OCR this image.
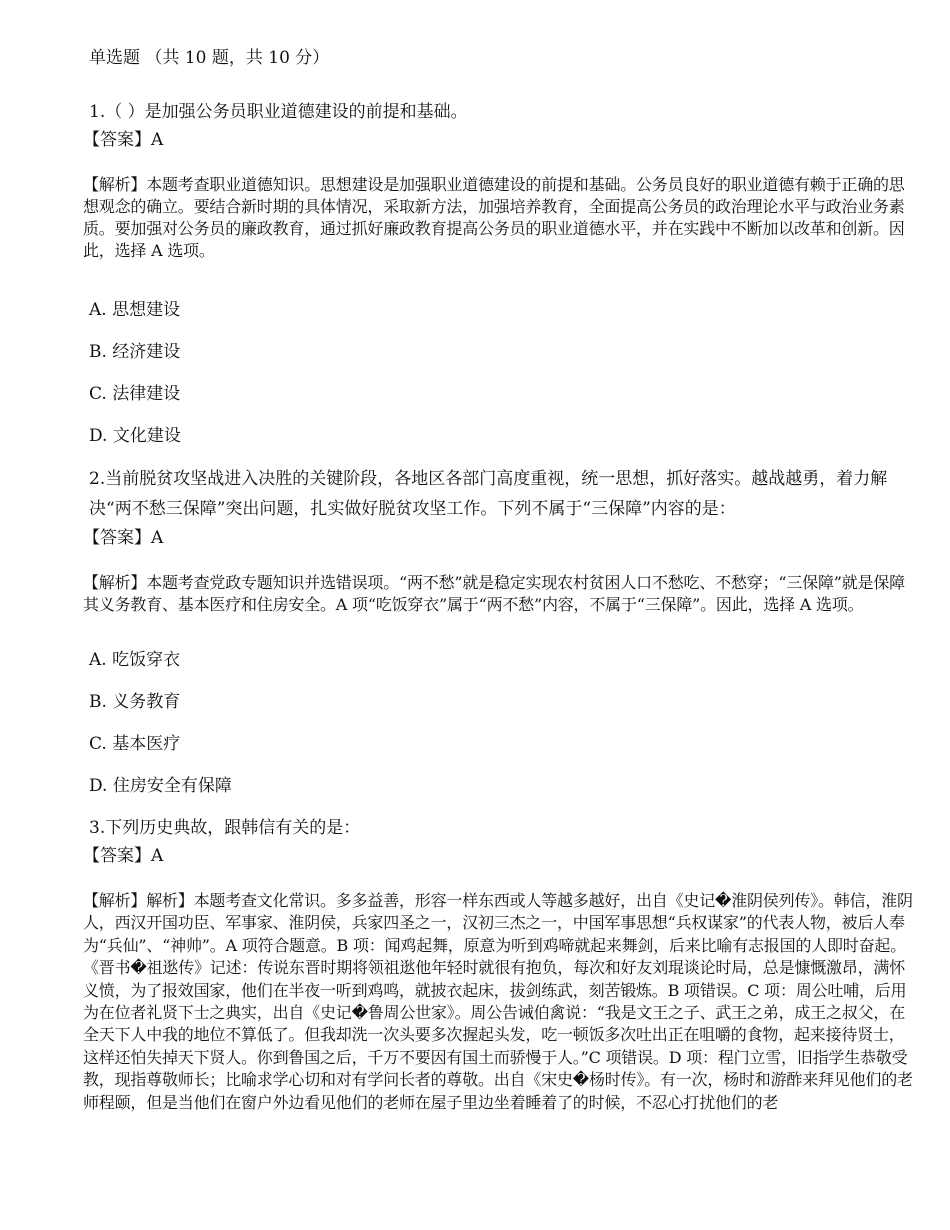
单选题 （共 10 题，共 10 分）

1.（ ）是加强公务员职业道德建设的前提和基础。

【答案】A

【解析】本题考查职业道德知识。思想建设是加强职业道德建设的前提和基础。公务员良好的职业道德有赖于正确的思想观念的确立。要结合新时期的具体情况，采取新方法，加强培养教育，全面提高公务员的政治理论水平与政治业务素质。要加强对公务员的廉政教育，通过抓好廉政教育提高公务员的职业道德水平，并在实践中不断加以改革和创新。因此，选择 A 选项。

A. 思想建设

B. 经济建设

C. 法律建设

D. 文化建设

2.当前脱贫攻坚战进入决胜的关键阶段，各地区各部门高度重视，统一思想，抓好落实。越战越勇，着力解决“两不愁三保障”突出问题，扎实做好脱贫攻坚工作。下列不属于“三保障”内容的是：

【答案】A

【解析】本题考查党政专题知识并选错误项。“两不愁”就是稳定实现农村贫困人口不愁吃、不愁穿；“三保障”就是保障其义务教育、基本医疗和住房安全。A 项“吃饭穿衣”属于“两不愁”内容，不属于“三保障”。因此，选择 A 选项。

A. 吃饭穿衣

B. 义务教育

C. 基本医疗

D. 住房安全有保障

3.下列历史典故，跟韩信有关的是：

【答案】A

【解析】解析】本题考查文化常识。多多益善，形容一样东西或人等越多越好，出自《史记�淮阴侯列传》。韩信，淮阴人，西汉开国功臣、军事家、淮阴侯，兵家四圣之一，汉初三杰之一，中国军事思想“兵权谋家”的代表人物，被后人奉为“兵仙”、“神帅”。A 项符合题意。B 项：闻鸡起舞，原意为听到鸡啼就起来舞剑，后来比喻有志报国的人即时奋起。《晋书�祖逖传》记述：传说东晋时期将领祖逖他年轻时就很有抱负，每次和好友刘琨谈论时局，总是慷慨激昂，满怀义愤，为了报效国家，他们在半夜一听到鸡鸣，就披衣起床，拔剑练武，刻苦锻炼。B 项错误。C 项：周公吐哺，后用为在位者礼贤下士之典实，出自《史记�鲁周公世家》。周公告诫伯禽说：“我是文王之子、武王之弟，成王之叔父，在全天下人中我的地位不算低了。但我却洗一次头要多次握起头发，吃一顿饭多次吐出正在咀嚼的食物，起来接待贤士，这样还怕失掉天下贤人。你到鲁国之后，千万不要因有国土而骄慢于人。”C 项错误。D 项：程门立雪，旧指学生恭敬受教，现指尊敬师长；比喻求学心切和对有学问长者的尊敬。出自《宋史�杨时传》。有一次，杨时和游酢来拜见他们的老师程颐，但是当他们在窗户外边看见他们的老师在屋子里边坐着睡着了的时候，不忍心打扰他们的老
